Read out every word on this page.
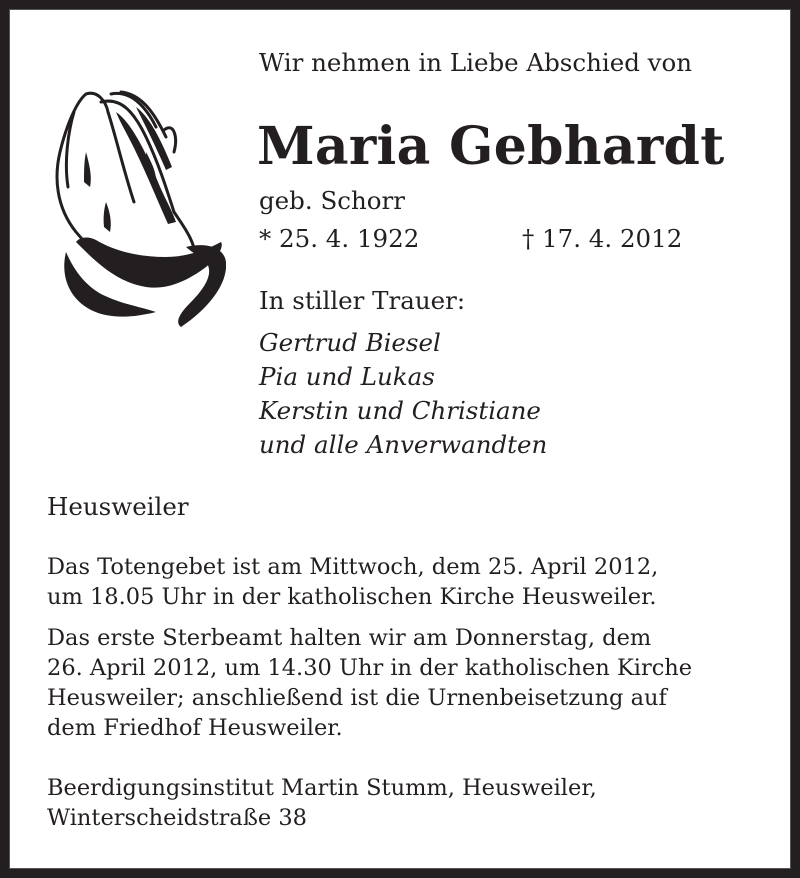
Wir nehmen in Liebe Abschied von
Maria Gebhardt
geb. Schorr
* 25. 4. 1922	† 17. 4. 2012
In stiller Trauer:
Gertrud Biesel
Pia und Lukas
Kerstin und Christiane
und alle Anverwandten
Heusweiler
Das Totengebet ist am Mittwoch, dem 25. April 2012,
um 18.05 Uhr in der katholischen Kirche Heusweiler.
Das erste Sterbeamt halten wir am Donnerstag, dem
26. April 2012, um 14.30 Uhr in der katholischen Kirche
Heusweiler; anschließend ist die Urnenbeisetzung auf
dem Friedhof Heusweiler.
Beerdigungsinstitut Martin Stumm, Heusweiler,
Winterscheidstraße 38
